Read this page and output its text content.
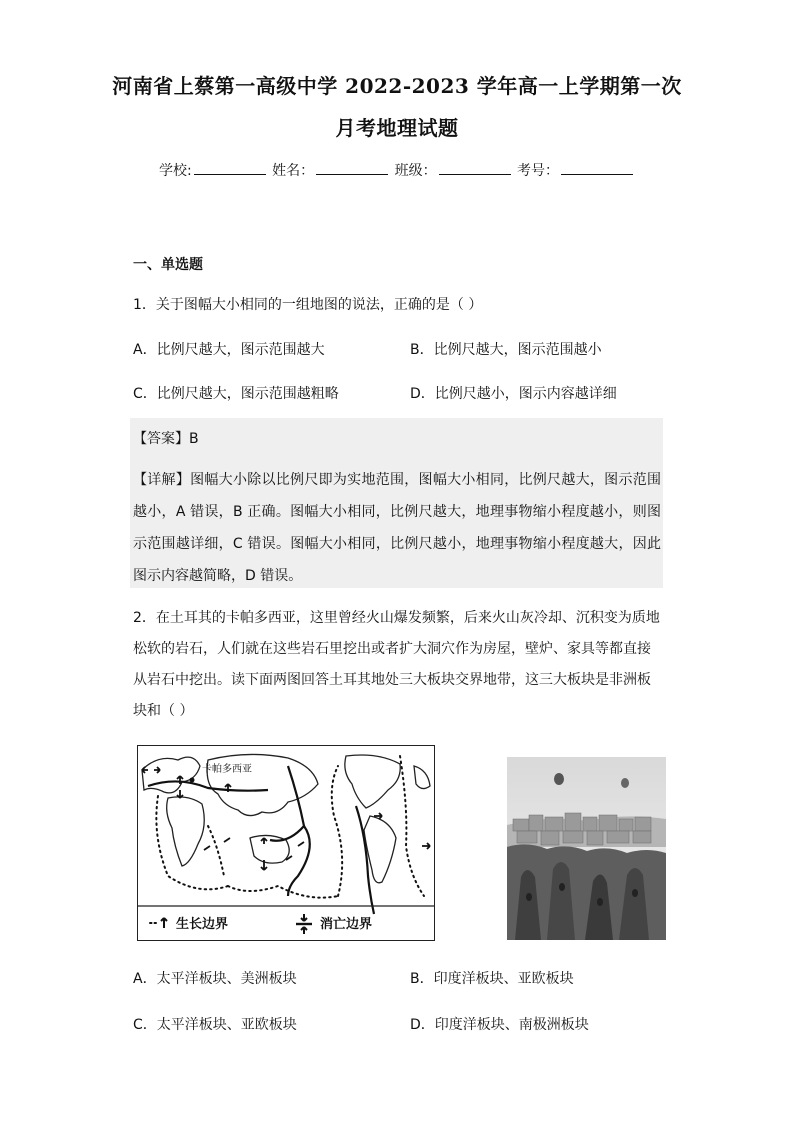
河南省上蔡第一高级中学 2022-2023 学年高一上学期第一次
月考地理试题
学校:	姓名：	班级：	考号：
一、单选题
1．关于图幅大小相同的一组地图的说法，正确的是（ ）
A．比例尺越大，图示范围越大	B．比例尺越大，图示范围越小
C．比例尺越大，图示范围越粗略	D．比例尺越小，图示内容越详细
【答案】B
【详解】图幅大小除以比例尺即为实地范围，图幅大小相同，比例尺越大，图示范围越小，A 错误，B 正确。图幅大小相同，比例尺越大，地理事物缩小程度越小，则图示范围越详细，C 错误。图幅大小相同，比例尺越小，地理事物缩小程度越大，因此图示内容越简略，D 错误。
2．在土耳其的卡帕多西亚，这里曾经火山爆发频繁，后来火山灰冷却、沉积变为质地松软的岩石，人们就在这些岩石里挖出或者扩大洞穴作为房屋，壁炉、家具等都直接从岩石中挖出。读下面两图回答土耳其地处三大板块交界地带，这三大板块是非洲板块和（ ）
卡帕多西亚
生长边界	消亡边界
A．太平洋板块、美洲板块	B．印度洋板块、亚欧板块
C．太平洋板块、亚欧板块	D．印度洋板块、南极洲板块
